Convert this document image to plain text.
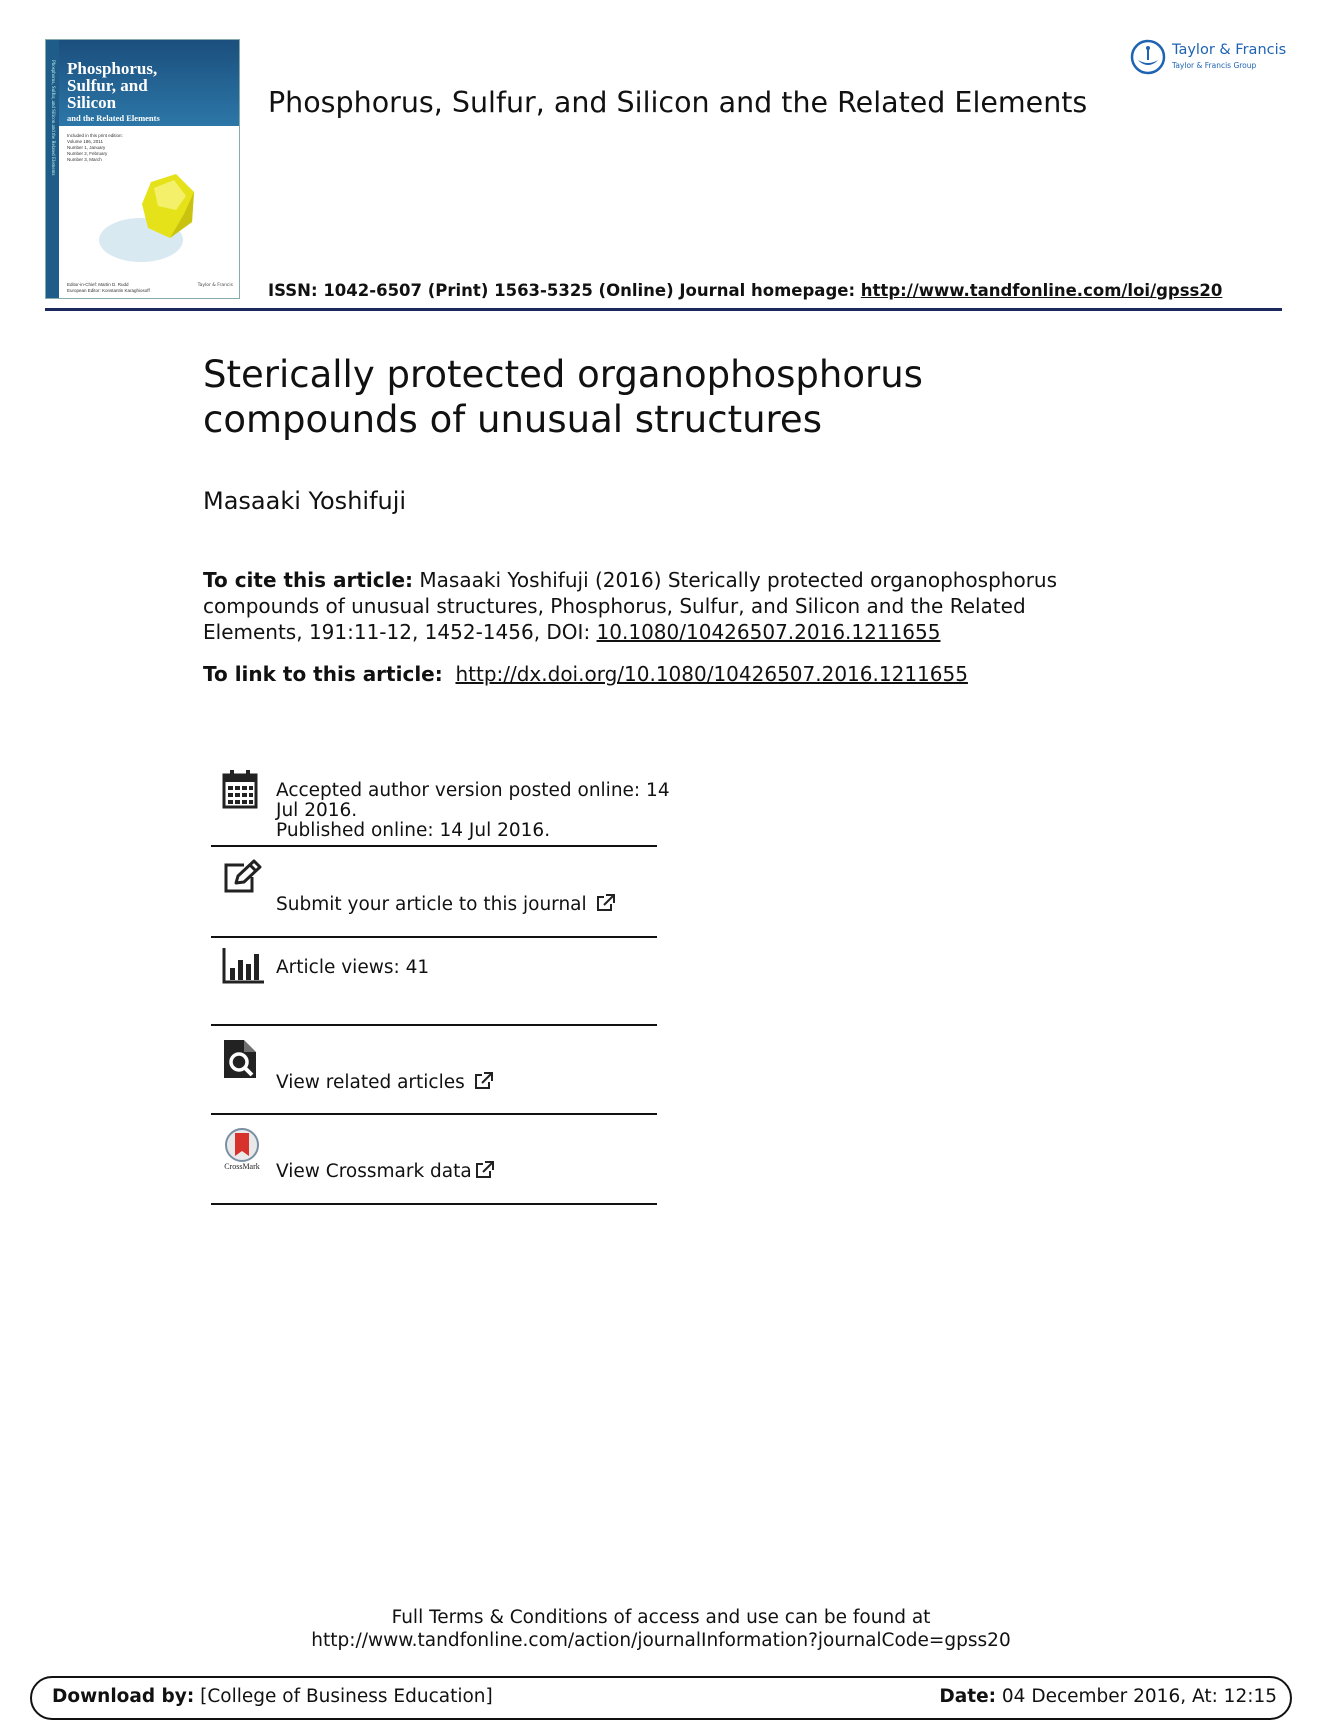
Phosphorus, Sulfur, and Silicon and the Related Elements Phosphorus,
Sulfur, and
Silicon
and the Related Elements
Included in this print edition:
Volume 186, 2011
Number 1, January
Number 2, February
Number 3, March
Editor-in-Chief: Martin D. Rudd
European Editor: Konstantin Karaghiosoff
Taylor & Francis
Phosphorus, Sulfur, and Silicon and the Related Elements
ISSN: 1042-6507 (Print) 1563-5325 (Online) Journal homepage: http://www.tandfonline.com/loi/gpss20
Taylor & Francis
Taylor & Francis Group
Sterically protected organophosphorus
compounds of unusual structures
Masaaki Yoshifuji
To cite this article: Masaaki Yoshifuji (2016) Sterically protected organophosphorus compounds of unusual structures, Phosphorus, Sulfur, and Silicon and the Related Elements, 191:11-12, 1452-1456, DOI: 10.1080/10426507.2016.1211655
To link to this article: http://dx.doi.org/10.1080/10426507.2016.1211655
Accepted author version posted online: 14
Jul 2016.
Published online: 14 Jul 2016.

Submit your article to this journal

Article views: 41

View related articles

CrossMark View Crossmark data

Full Terms & Conditions of access and use can be found at
http://www.tandfonline.com/action/journalInformation?journalCode=gpss20
Download by: [College of Business Education]	Date: 04 December 2016, At: 12:15
